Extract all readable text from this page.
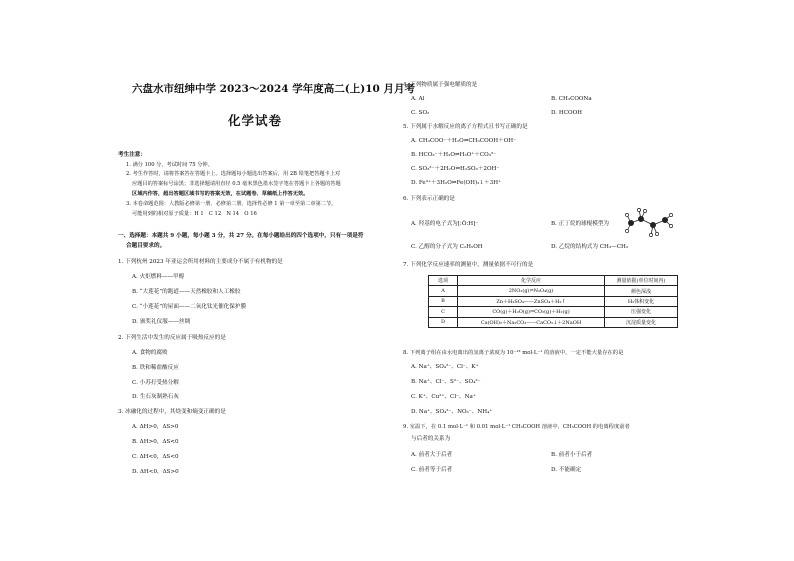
六盘水市纽绅中学 2023～2024 学年度高二(上)10 月月考
化学试卷
考生注意：
1. 满分 100 分，考试时间 75 分钟。
2. 考生作答时，请将答案答在答题卡上。选择题每小题选出答案后，用 2B 铅笔把答题卡上对
应题目的答案标号涂黑；非选择题请用直径 0.5 毫米黑色墨水签字笔在答题卡上各题的答题
区域内作答，超出答题区域书写的答案无效，在试题卷、草稿纸上作答无效。
3. 本卷命题范围：人教版必修第一册、必修第二册、选择性必修 1 第一章至第二章第二节。
可能用到的相对原子质量：H 1　C 12　N 14　O 16
一、选择题：本题共 9 小题，每小题 3 分，共 27 分。在每小题给出的四个选项中，只有一项是符
合题目要求的。
1. 下列杭州 2023 年亚运会所用材料的主要成分不属于有机物的是
A. 火炬燃料——甲醇
B. “大莲花”的跑道——天然橡胶和人工橡胶
C. “小莲花”的屋面——二氧化钛光催化保护膜
D. 颁奖礼仪服——丝绸
2. 下列生活中发生的反应属于吸热反应的是
A. 食物的腐败
B. 铁和稀盐酸反应
C. 小苏打受热分解
D. 生石灰制熟石灰
3. 冰融化的过程中，其焓变和熵变正确的是
A. ΔH>0，ΔS>0
B. ΔH>0，ΔS<0
C. ΔH<0，ΔS<0
D. ΔH<0，ΔS>0
4. 下列物质属于强电解质的是
A. Al	B. CH₃COONa
C. SO₂	D. HCOOH
5. 下列属于水解反应的离子方程式且书写正确的是
A. CH₃COO⁻＋H₂O⇌CH₃COOH＋OH⁻
B. HCO₃⁻＋H₂O⇌H₃O⁺＋CO₃²⁻
C. SO₃²⁻＋2H₂O⇌H₂SO₃＋2OH⁻
D. Fe³⁺＋3H₂O⇌Fe(OH)₃↓＋3H⁺
6. 下列表示正确的是
A. 羟基的电子式为[:Ö:H]⁻	B. 正丁烷的球棍模型为
C. 乙醇的分子式为 C₂H₅OH	D. 乙烷的结构式为 CH₃—CH₃
7. 下列化学反应速率的测量中，测量依据不可行的是
选项	化学反应	测量依据(单位时间内)
A	2NO₂(g)⇌N₂O₄(g)	颜色深浅
B	Zn＋H₂SO₄——ZnSO₄＋H₂↑	H₂体积变化
C	CO(g)＋H₂O(g)⇌CO₂(g)＋H₂(g)	压强变化
D	Ca(OH)₂＋Na₂CO₃——CaCO₃↓＋2NaOH	沉淀质量变化
8. 下列离子组在由水电离出的氢离子浓度为 10⁻¹³ mol·L⁻¹ 的溶液中，一定不能大量存在的是
A. Na⁺、SO₄²⁻、Cl⁻、K⁺
B. Na⁺、Cl⁻、S²⁻、SO₄²⁻
C. K⁺、Cu²⁺、Cl⁻、Na⁺
D. Na⁺、SO₄²⁻、NO₃⁻、NH₄⁺
9. 室温下，在 0.1 mol·L⁻¹ 和 0.01 mol·L⁻¹ CH₃COOH 溶液中，CH₃COOH 的电离程度前者
与后者的关系为
A. 前者大于后者	B. 前者小于后者
C. 前者等于后者	D. 不能确定
